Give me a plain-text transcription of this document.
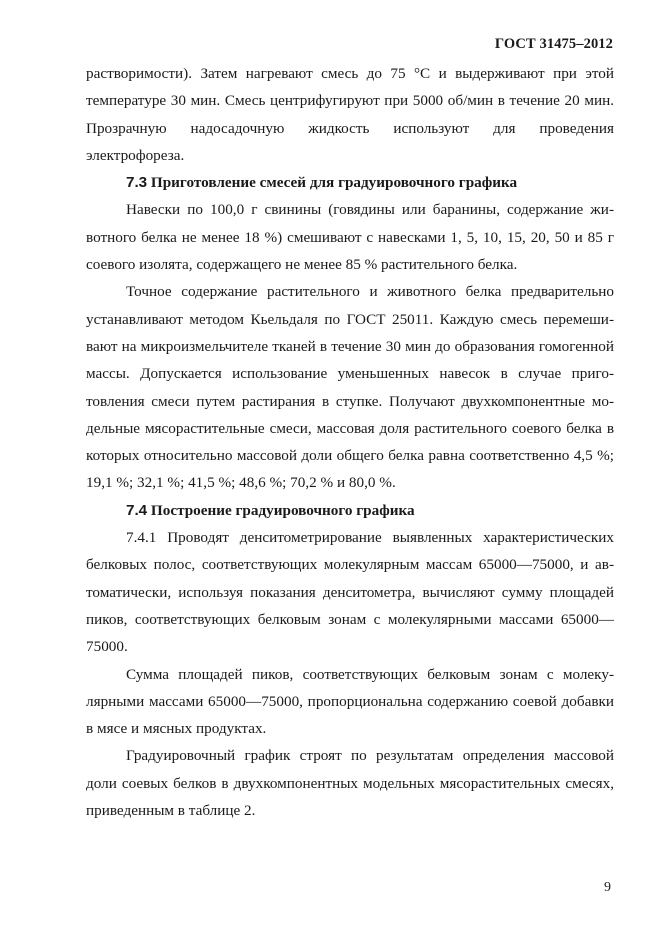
ГОСТ 31475–2012

растворимости). Затем нагревают смесь до 75 °С и выдерживают при этой температуре 30 мин. Смесь центрифугируют при 5000 об/мин в течение 20 мин. Прозрачную надосадочную жидкость используют для проведения электрофореза.

7.3 Приготовление смесей для градуировочного графика

Навески по 100,0 г свинины (говядины или баранины, содержание животного белка не менее 18 %) смешивают с навесками 1, 5, 10, 15, 20, 50 и 85 г соевого изолята, содержащего не менее 85 % растительного белка.

Точное содержание растительного и животного белка предварительно устанавливают методом Кьельдаля по ГОСТ 25011. Каждую смесь перемешивают на микроизмельчителе тканей в течение 30 мин до образования гомогенной массы. Допускается использование уменьшенных навесок в случае приготовления смеси путем растирания в ступке. Получают двухкомпонентные модельные мясорастительные смеси, массовая доля растительного соевого белка в которых относительно массовой доли общего белка равна соответственно 4,5 %; 19,1 %; 32,1 %; 41,5 %; 48,6 %; 70,2 % и 80,0 %.

7.4 Построение градуировочного графика

7.4.1 Проводят денситометрирование выявленных характеристических белковых полос, соответствующих молекулярным массам 65000—75000, и автоматически, используя показания денситометра, вычисляют сумму площадей пиков, соответствующих белковым зонам с молекулярными массами 65000—75000.

Сумма площадей пиков, соответствующих белковым зонам с молекулярными массами 65000—75000, пропорциональна содержанию соевой добавки в мясе и мясных продуктах.

Градуировочный график строят по результатам определения массовой доли соевых белков в двухкомпонентных модельных мясорастительных смесях, приведенным в таблице 2.

9
